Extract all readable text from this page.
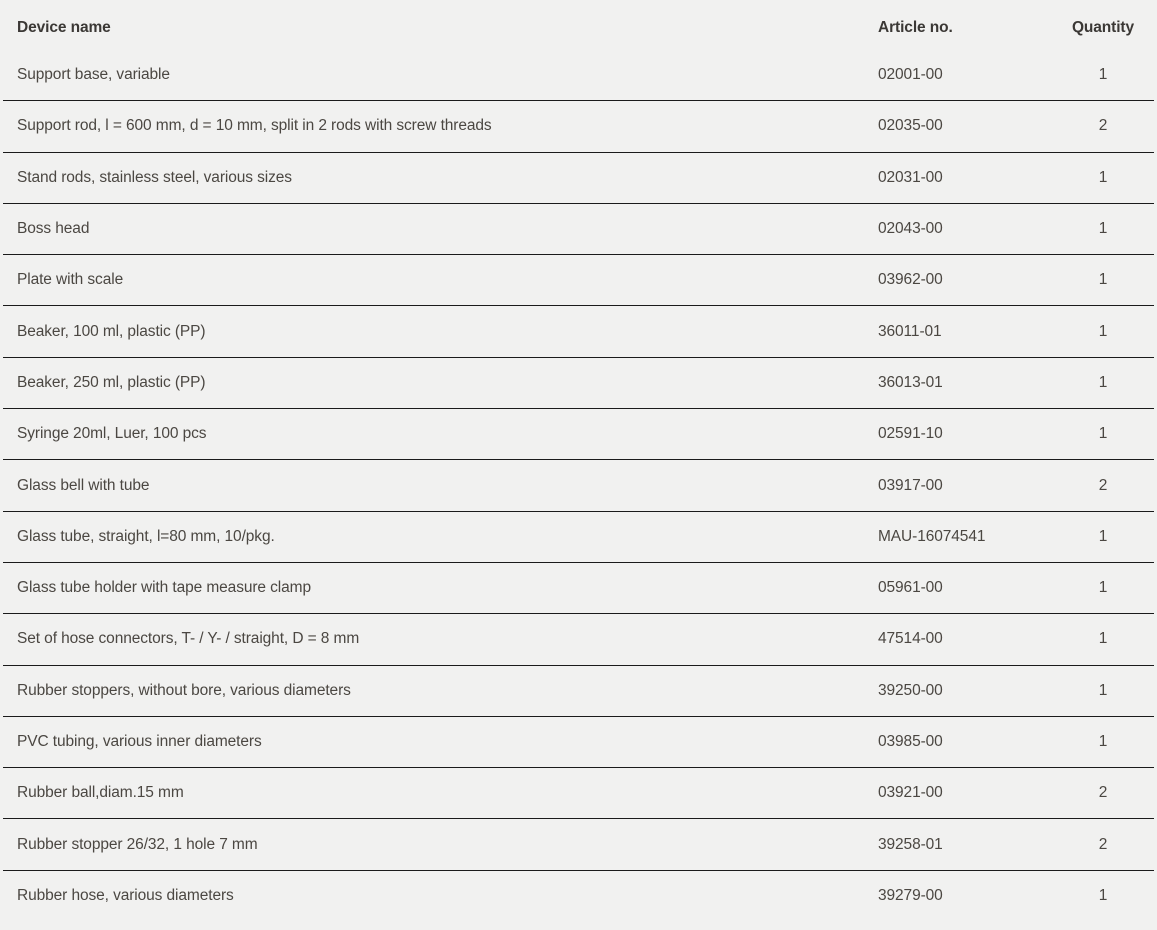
Device name	Article no.	Quantity
Support base, variable	02001-00	1
Support rod, l = 600 mm, d = 10 mm, split in 2 rods with screw threads	02035-00	2
Stand rods, stainless steel, various sizes	02031-00	1
Boss head	02043-00	1
Plate with scale	03962-00	1
Beaker, 100 ml, plastic (PP)	36011-01	1
Beaker, 250 ml, plastic (PP)	36013-01	1
Syringe 20ml, Luer, 100 pcs	02591-10	1
Glass bell with tube	03917-00	2
Glass tube, straight, l=80 mm, 10/pkg.	MAU-16074541	1
Glass tube holder with tape measure clamp	05961-00	1
Set of hose connectors, T- / Y- / straight, D = 8 mm	47514-00	1
Rubber stoppers, without bore, various diameters	39250-00	1
PVC tubing, various inner diameters	03985-00	1
Rubber ball,diam.15 mm	03921-00	2
Rubber stopper 26/32, 1 hole 7 mm	39258-01	2
Rubber hose, various diameters	39279-00	1
